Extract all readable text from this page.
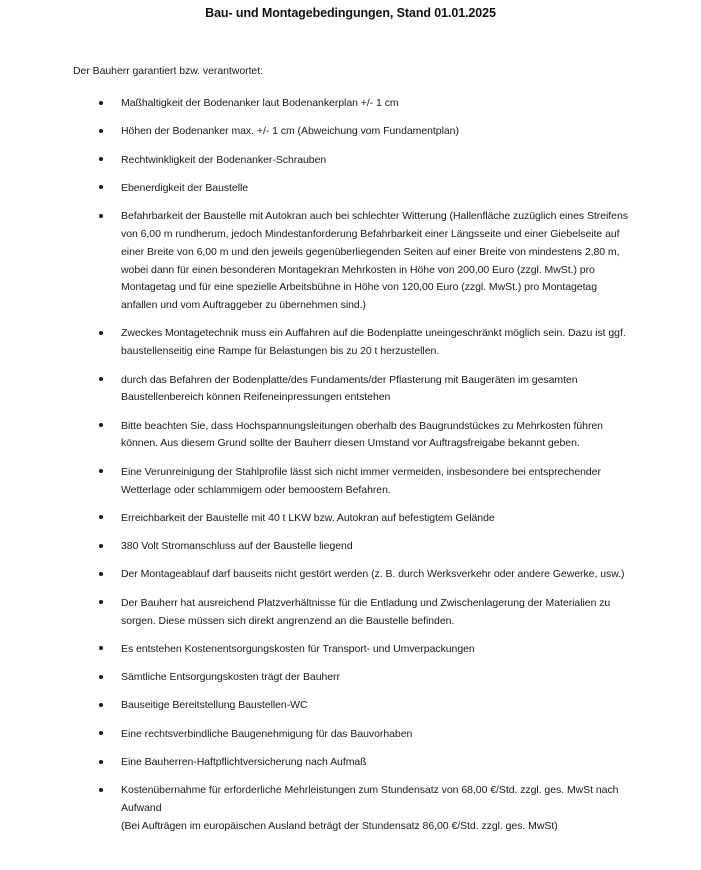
Bau- und Montagebedingungen, Stand 01.01.2025

Der Bauherr garantiert bzw. verantwortet:

Maßhaltigkeit der Bodenanker laut Bodenankerplan +/- 1 cm
Höhen der Bodenanker max. +/- 1 cm (Abweichung vom Fundamentplan)
Rechtwinkligkeit der Bodenanker-Schrauben
Ebenerdigkeit der Baustelle
Befahrbarkeit der Baustelle mit Autokran auch bei schlechter Witterung (Hallenfläche zuzüglich eines Streifens von 6,00 m rundherum, jedoch Mindestanforderung Befahrbarkeit einer Längsseite und einer Giebelseite auf einer Breite von 6,00 m und den jeweils gegenüberliegenden Seiten auf einer Breite von mindestens 2,80 m, wobei dann für einen besonderen Montagekran Mehrkosten in Höhe von 200,00 Euro (zzgl. MwSt.) pro Montagetag und für eine spezielle Arbeitsbühne in Höhe von 120,00 Euro (zzgl. MwSt.) pro Montagetag anfallen und vom Auftraggeber zu übernehmen sind.)
Zweckes Montagetechnik muss ein Auffahren auf die Bodenplatte uneingeschränkt möglich sein. Dazu ist ggf. baustellenseitig eine Rampe für Belastungen bis zu 20 t herzustellen.
durch das Befahren der Bodenplatte/des Fundaments/der Pflasterung mit Baugeräten im gesamten Baustellenbereich können Reifeneinpressungen entstehen
Bitte beachten Sie, dass Hochspannungsleitungen oberhalb des Baugrundstückes zu Mehrkosten führen können. Aus diesem Grund sollte der Bauherr diesen Umstand vor Auftragsfreigabe bekannt geben.
Eine Verunreinigung der Stahlprofile lässt sich nicht immer vermeiden, insbesondere bei entsprechender Wetterlage oder schlammigem oder bemoostem Befahren.
Erreichbarkeit der Baustelle mit 40 t LKW bzw. Autokran auf befestigtem Gelände
380 Volt Stromanschluss auf der Baustelle liegend
Der Montageablauf darf bauseits nicht gestört werden (z. B. durch Werksverkehr oder andere Gewerke, usw.)
Der Bauherr hat ausreichend Platzverhältnisse für die Entladung und Zwischenlagerung der Materialien zu sorgen. Diese müssen sich direkt angrenzend an die Baustelle befinden.
Es entstehen Kostenentsorgungskosten für Transport- und Umverpackungen
Sämtliche Entsorgungskosten trägt der Bauherr
Bauseitige Bereitstellung Baustellen-WC
Eine rechtsverbindliche Baugenehmigung für das Bauvorhaben
Eine Bauherren-Haftpflichtversicherung nach Aufmaß
Kostenübernahme für erforderliche Mehrleistungen zum Stundensatz von 68,00 €/Std. zzgl. ges. MwSt nach Aufwand
(Bei Aufträgen im europäischen Ausland beträgt der Stundensatz 86,00 €/Std. zzgl. ges. MwSt)
